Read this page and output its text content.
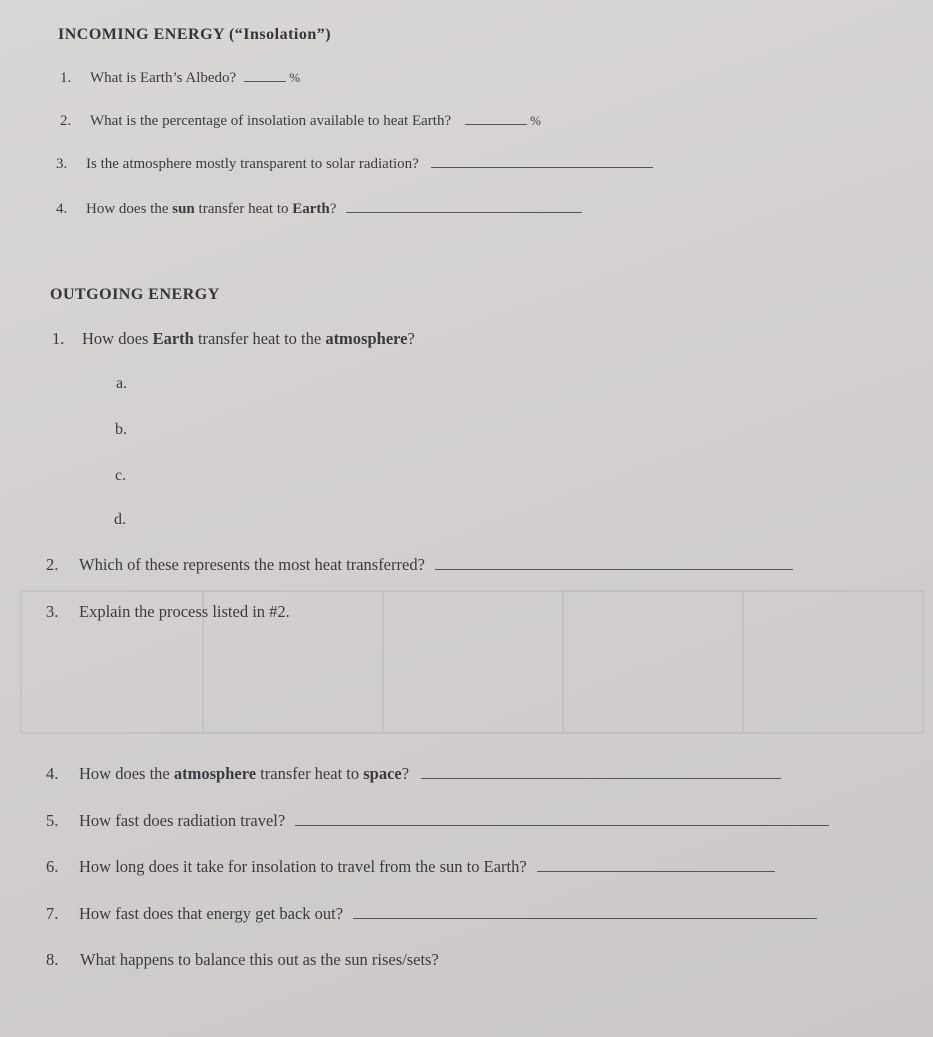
INCOMING ENERGY (“Insolation”)
1. What is Earth’s Albedo?	%
2. What is the percentage of insolation available to heat Earth?	%
3. Is the atmosphere mostly transparent to solar radiation?
4. How does the sun transfer heat to Earth?
OUTGOING ENERGY
1. How does Earth transfer heat to the atmosphere?
a.
b.
c.
d.
2. Which of these represents the most heat transferred?
3. Explain the process listed in #2.
4. How does the atmosphere transfer heat to space?
5. How fast does radiation travel?
6. How long does it take for insolation to travel from the sun to Earth?
7. How fast does that energy get back out?
8. What happens to balance this out as the sun rises/sets?
